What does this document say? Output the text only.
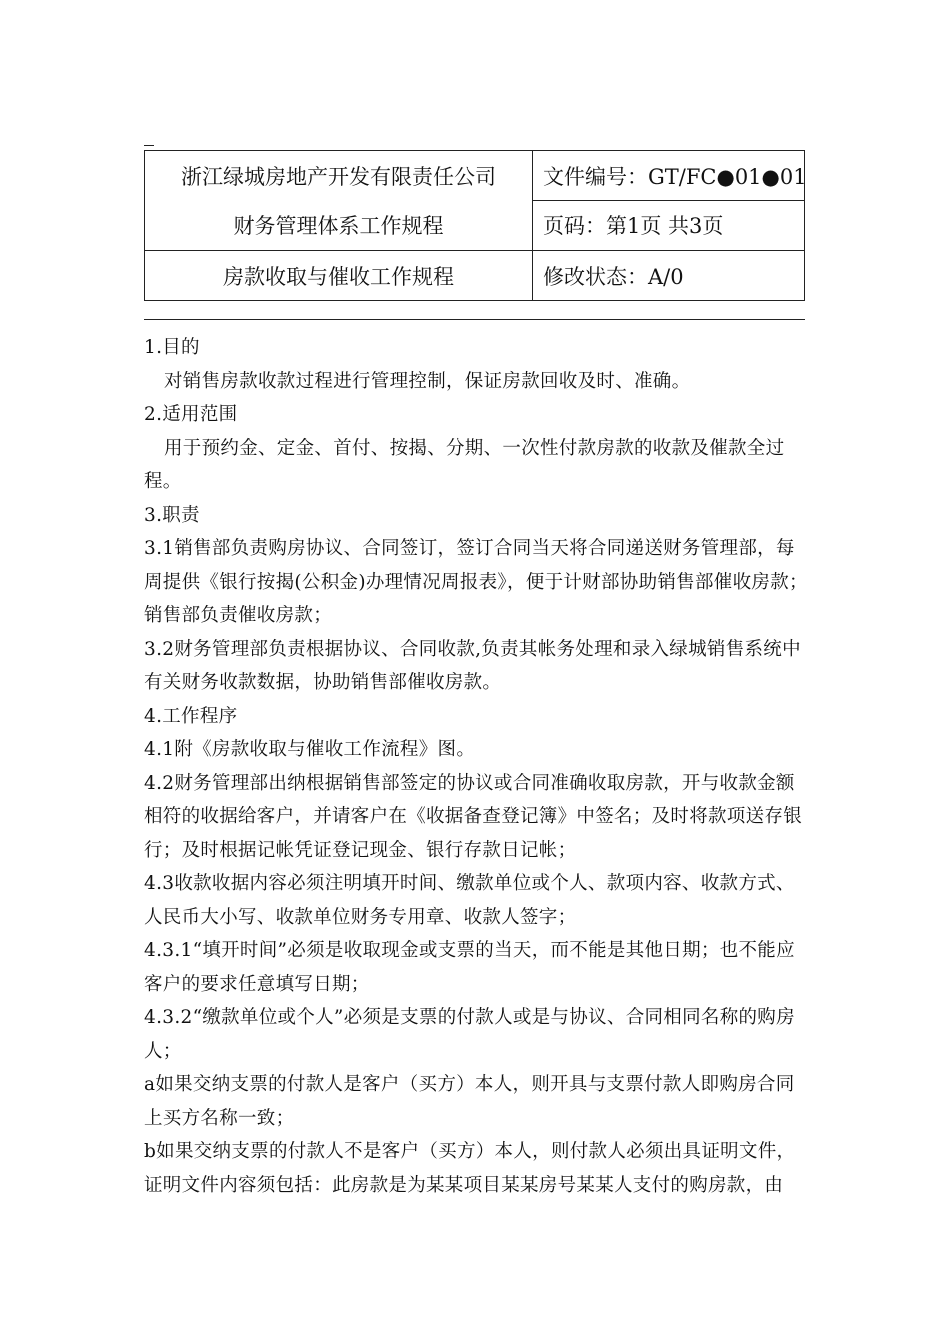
浙江绿城房地产开发有限责任公司
财务管理体系工作规程
房款收取与催收工作规程
文件编号：GT/FC●01●01
页码：第1页 共3页
修改状态：A/0

1.目的

对销售房款收款过程进行管理控制，保证房款回收及时、准确。

2.适用范围

用于预约金、定金、首付、按揭、分期、一次性付款房款的收款及催款全过程。

3.职责

3.1销售部负责购房协议、合同签订，签订合同当天将合同递送财务管理部，每周提供《银行按揭(公积金)办理情况周报表》，便于计财部协助销售部催收房款；销售部负责催收房款；

3.2财务管理部负责根据协议、合同收款,负责其帐务处理和录入绿城销售系统中有关财务收款数据，协助销售部催收房款。

4.工作程序

4.1附《房款收取与催收工作流程》图。

4.2财务管理部出纳根据销售部签定的协议或合同准确收取房款，开与收款金额相符的收据给客户，并请客户在《收据备查登记簿》中签名；及时将款项送存银行；及时根据记帐凭证登记现金、银行存款日记帐；

4.3收款收据内容必须注明填开时间、缴款单位或个人、款项内容、收款方式、人民币大小写、收款单位财务专用章、收款人签字；

4.3.1“填开时间”必须是收取现金或支票的当天，而不能是其他日期；也不能应客户的要求任意填写日期；

4.3.2“缴款单位或个人”必须是支票的付款人或是与协议、合同相同名称的购房人；

a如果交纳支票的付款人是客户（买方）本人，则开具与支票付款人即购房合同上买方名称一致；

b如果交纳支票的付款人不是客户（买方）本人，则付款人必须出具证明文件，证明文件内容须包括：此房款是为某某项目某某房号某某人支付的购房款，由
